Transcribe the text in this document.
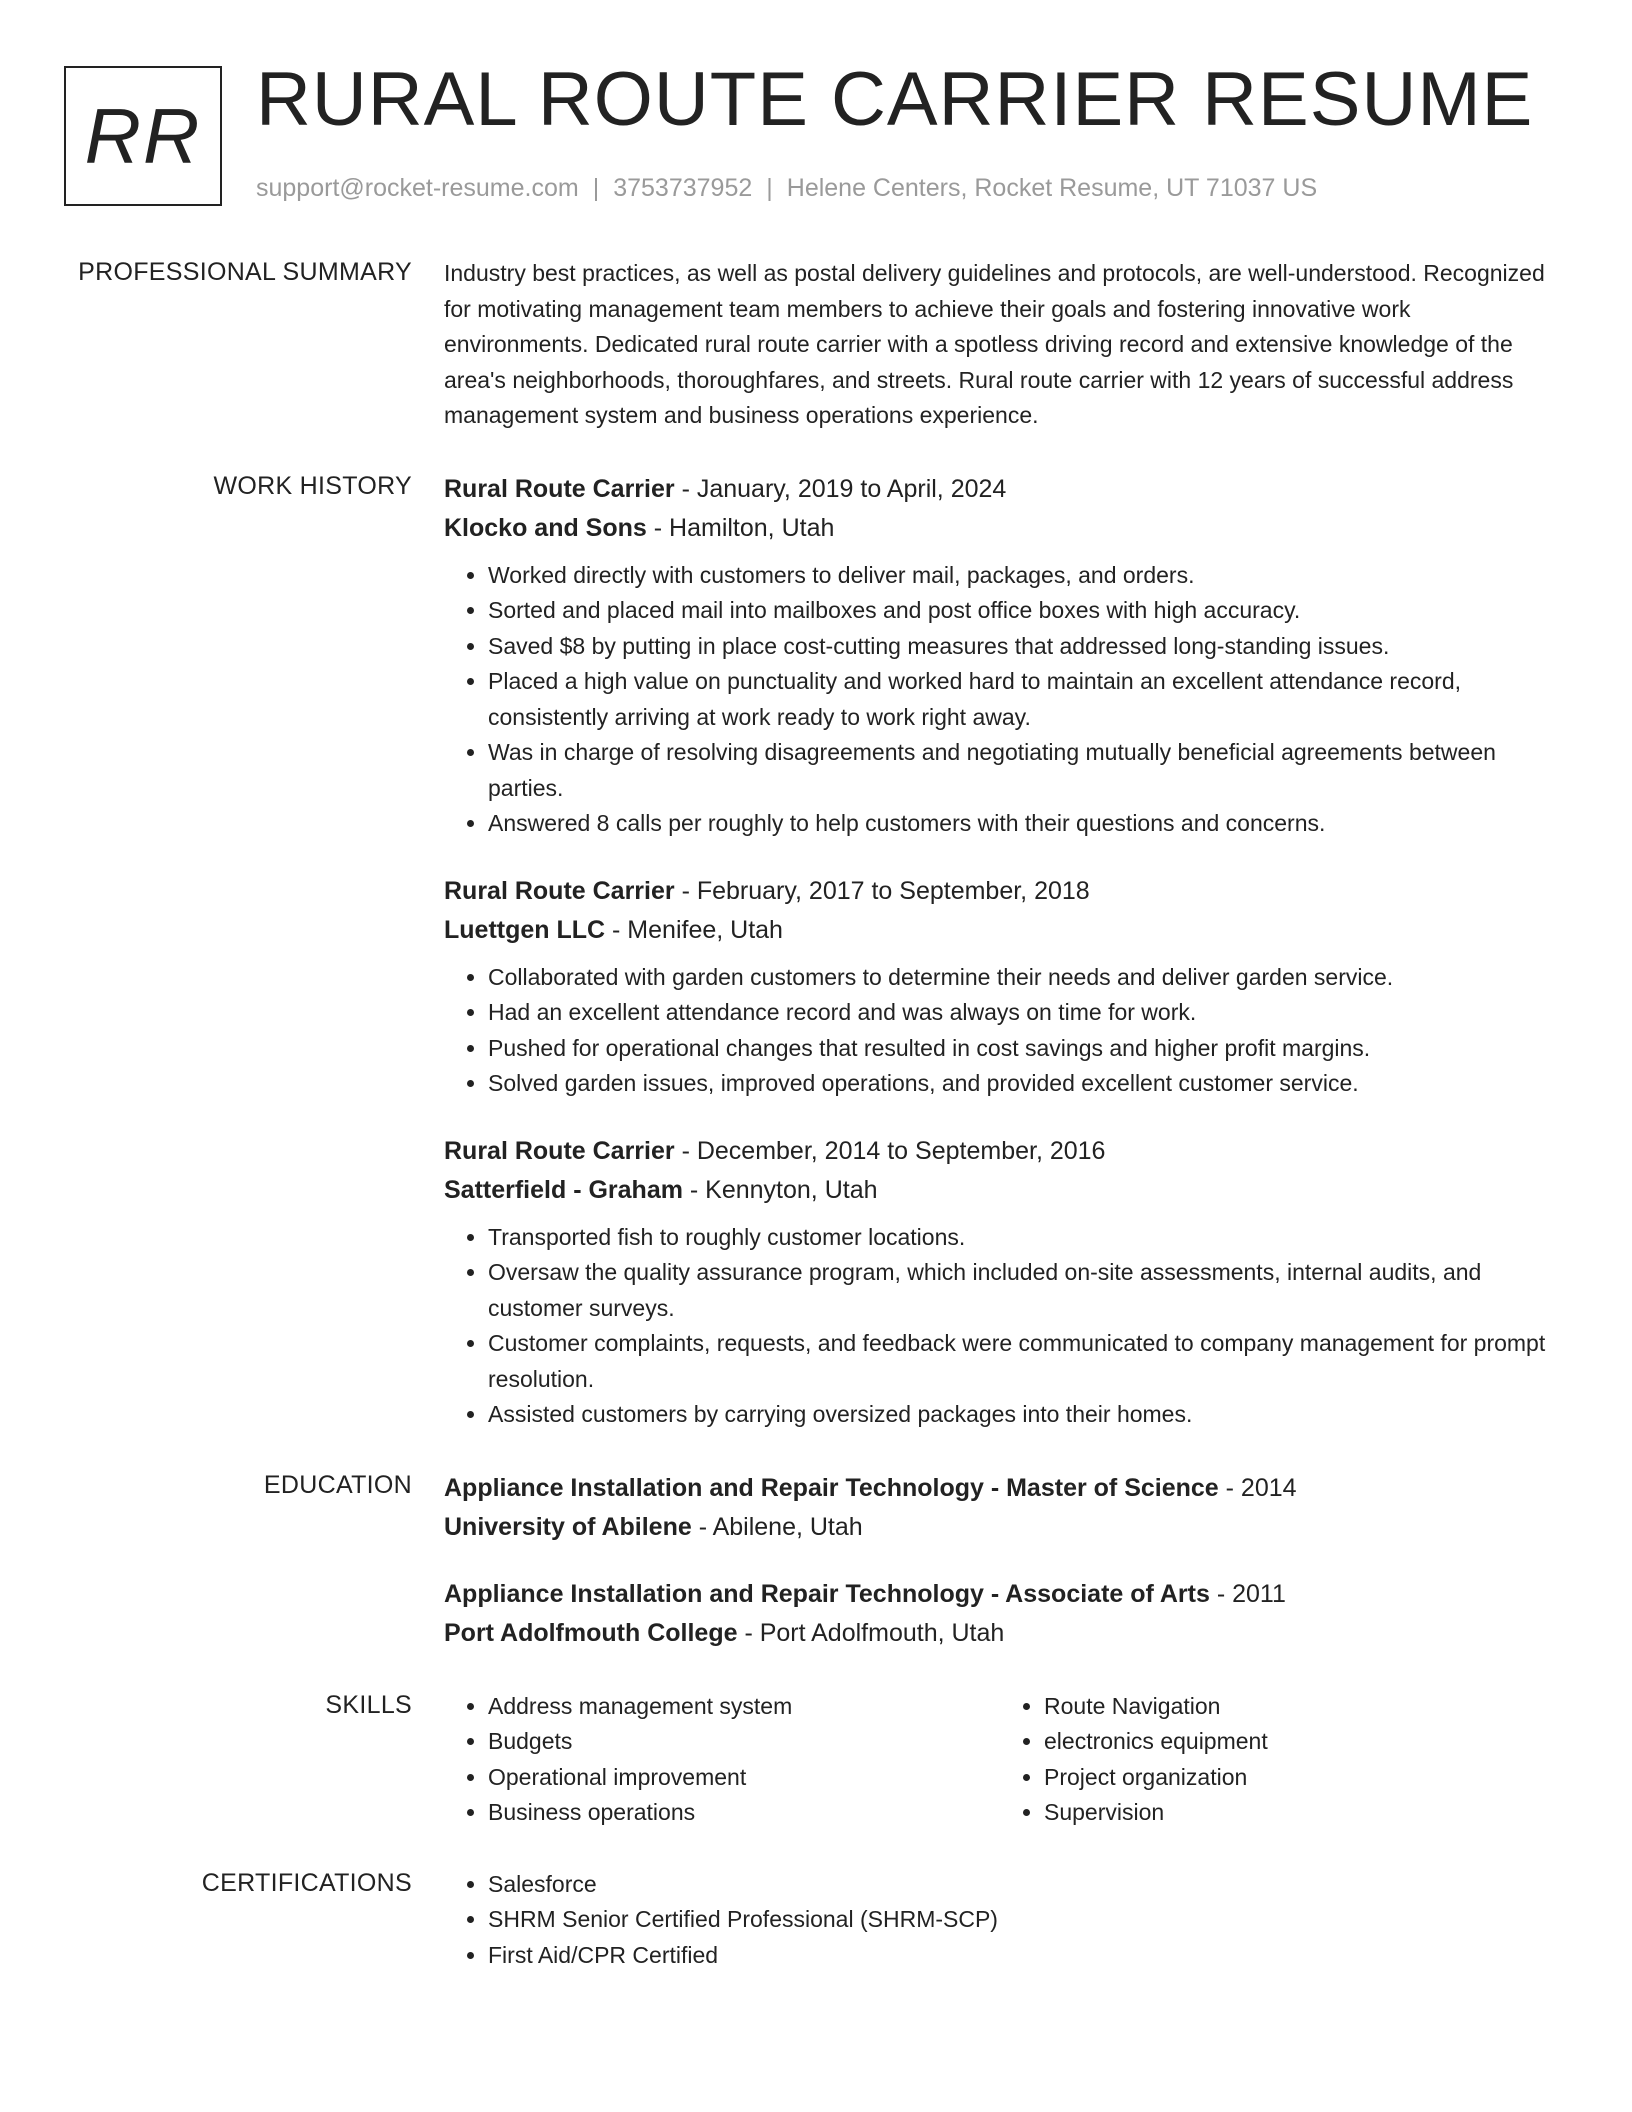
RR RURAL ROUTE CARRIER RESUME
support@rocket-resume.com | 3753737952 | Helene Centers, Rocket Resume, UT 71037 US
PROFESSIONAL SUMMARY Industry best practices, as well as postal delivery guidelines and protocols, are well-understood. Recognized for motivating management team members to achieve their goals and fostering innovative work environments. Dedicated rural route carrier with a spotless driving record and extensive knowledge of the area's neighborhoods, thoroughfares, and streets. Rural route carrier with 12 years of successful address management system and business operations experience.

WORK HISTORY Rural Route Carrier - January, 2019 to April, 2024
Klocko and Sons - Hamilton, Utah
• Worked directly with customers to deliver mail, packages, and orders.
• Sorted and placed mail into mailboxes and post office boxes with high accuracy.
• Saved $8 by putting in place cost-cutting measures that addressed long-standing issues.
• Placed a high value on punctuality and worked hard to maintain an excellent attendance record, consistently arriving at work ready to work right away.
• Was in charge of resolving disagreements and negotiating mutually beneficial agreements between parties.
• Answered 8 calls per roughly to help customers with their questions and concerns.
Rural Route Carrier - February, 2017 to September, 2018
Luettgen LLC - Menifee, Utah
• Collaborated with garden customers to determine their needs and deliver garden service.
• Had an excellent attendance record and was always on time for work.
• Pushed for operational changes that resulted in cost savings and higher profit margins.
• Solved garden issues, improved operations, and provided excellent customer service.
Rural Route Carrier - December, 2014 to September, 2016
Satterfield - Graham - Kennyton, Utah
• Transported fish to roughly customer locations.
• Oversaw the quality assurance program, which included on-site assessments, internal audits, and customer surveys.
• Customer complaints, requests, and feedback were communicated to company management for prompt resolution.
• Assisted customers by carrying oversized packages into their homes.
EDUCATION Appliance Installation and Repair Technology - Master of Science - 2014
University of Abilene - Abilene, Utah
Appliance Installation and Repair Technology - Associate of Arts - 2011
Port Adolfmouth College - Port Adolfmouth, Utah
SKILLS	• Address management system
• Budgets
• Operational improvement
• Business operations
• Route Navigation
• electronics equipment
• Project organization
• Supervision
CERTIFICATIONS	• Salesforce
• SHRM Senior Certified Professional (SHRM-SCP)
• First Aid/CPR Certified
